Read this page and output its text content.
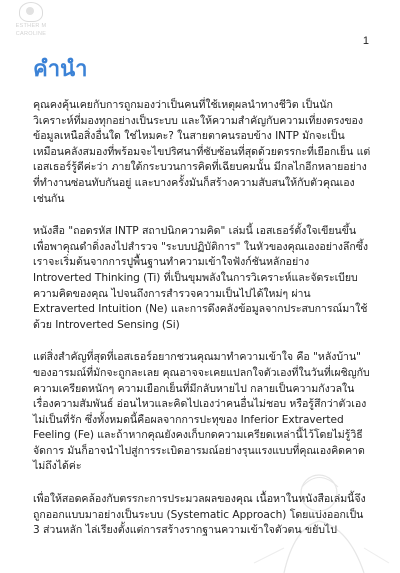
ESTHER M
CAROLINE
1
คำนำ

คุณคงคุ้นเคยกับการถูกมองว่าเป็นคนที่ใช้เหตุผลนำทางชีวิต เป็นนักวิเคราะห์ที่มองทุกอย่างเป็นระบบ และให้ความสำคัญกับความเที่ยงตรงของข้อมูลเหนือสิ่งอื่นใด ใช่ไหมคะ? ในสายตาคนรอบข้าง INTP มักจะเป็นเหมือนคลังสมองที่พร้อมจะไขปริศนาที่ซับซ้อนที่สุดด้วยตรรกะที่เยือกเย็น แต่เอสเธอร์รู้ดีค่ะว่า ภายใต้กระบวนการคิดที่เฉียบคมนั้น มีกลไกอีกหลายอย่างที่ทำงานซ่อนทับกันอยู่ และบางครั้งมันก็สร้างความสับสนให้กับตัวคุณเองเช่นกัน

หนังสือ "ถอดรหัส INTP สถาปนิกความคิด" เล่มนี้ เอสเธอร์ตั้งใจเขียนขึ้นเพื่อพาคุณดำดิ่งลงไปสำรวจ "ระบบปฏิบัติการ" ในหัวของคุณเองอย่างลึกซึ้ง เราจะเริ่มต้นจากการปูพื้นฐานทำความเข้าใจฟังก์ชันหลักอย่าง Introverted Thinking (Ti) ที่เป็นขุมพลังในการวิเคราะห์และจัดระเบียบความคิดของคุณ ไปจนถึงการสำรวจความเป็นไปได้ใหม่ๆ ผ่าน Extraverted Intuition (Ne) และการดึงคลังข้อมูลจากประสบการณ์มาใช้ด้วย Introverted Sensing (Si)

แต่สิ่งสำคัญที่สุดที่เอสเธอร์อยากชวนคุณมาทำความเข้าใจ คือ "หลังบ้าน" ของอารมณ์ที่มักจะถูกละเลย คุณอาจจะเคยแปลกใจตัวเองที่ในวันที่เผชิญกับความเครียดหนักๆ ความเยือกเย็นที่มีกลับหายไป กลายเป็นความกังวลในเรื่องความสัมพันธ์ อ่อนไหวและคิดไปเองว่าคนอื่นไม่ชอบ หรือรู้สึกว่าตัวเองไม่เป็นที่รัก ซึ่งทั้งหมดนี้คือผลจากการปะทุของ Inferior Extraverted Feeling (Fe) และถ้าหากคุณยังคงเก็บกดความเครียดเหล่านี้ไว้โดยไม่รู้วิธีจัดการ มันก็อาจนำไปสู่การระเบิดอารมณ์อย่างรุนแรงแบบที่คุณเองคิดคาดไม่ถึงได้ค่ะ

เพื่อให้สอดคล้องกับตรรกะการประมวลผลของคุณ เนื้อหาในหนังสือเล่มนี้จึงถูกออกแบบมาอย่างเป็นระบบ (Systematic Approach) โดยแบ่งออกเป็น 3 ส่วนหลัก ไล่เรียงตั้งแต่การสร้างรากฐานความเข้าใจตัวตน ขยับไป
